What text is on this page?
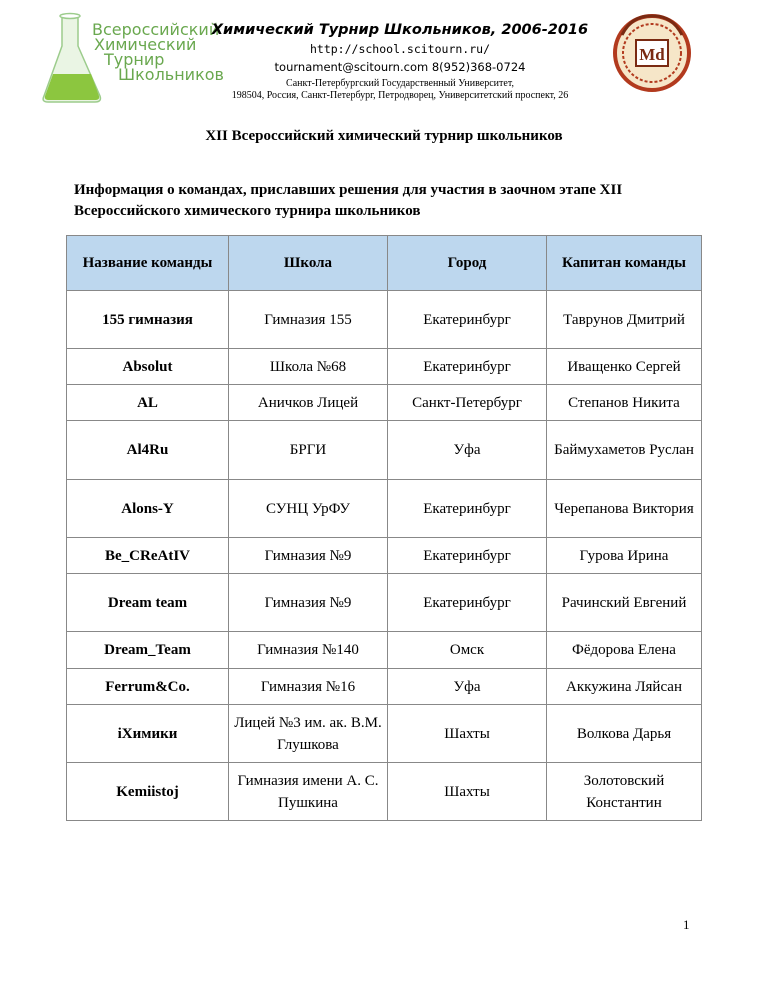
Всероссийский
Химический
Турнир
Школьников
Химический Турнир Школьников, 2006-2016
http://school.scitourn.ru/
tournament@scitourn.com 8(952)368-0724
Санкт-Петербургский Государственный Университет,
198504, Россия, Санкт-Петербург, Петродворец, Университетский проспект, 26
Md
XII Всероссийский химический турнир школьников
Информация о командах, приславших решения для участия в заочном этапе XII Всероссийского химического турнира школьников
Название команды	Школа	Город	Капитан команды
155 гимназия	Гимназия 155	Екатеринбург	Таврунов Дмитрий
Absolut	Школа №68	Екатеринбург	Иващенко Сергей
AL	Аничков Лицей	Санкт-Петербург	Степанов Никита
Al4Ru	БРГИ	Уфа	Баймухаметов Руслан
Alons-Y	СУНЦ УрФУ	Екатеринбург	Черепанова Виктория
Be_CReAtIV	Гимназия №9	Екатеринбург	Гурова Ирина
Dream team	Гимназия №9	Екатеринбург	Рачинский Евгений
Dream_Team	Гимназия №140	Омск	Фёдорова Елена
Ferrum&Co.	Гимназия №16	Уфа	Аккужина Ляйсан
iХимики	Лицей №3 им. ак. В.М. Глушкова	Шахты	Волкова Дарья
Kemiistoj	Гимназия имени А. С. Пушкина	Шахты	Золотовский Константин
1
